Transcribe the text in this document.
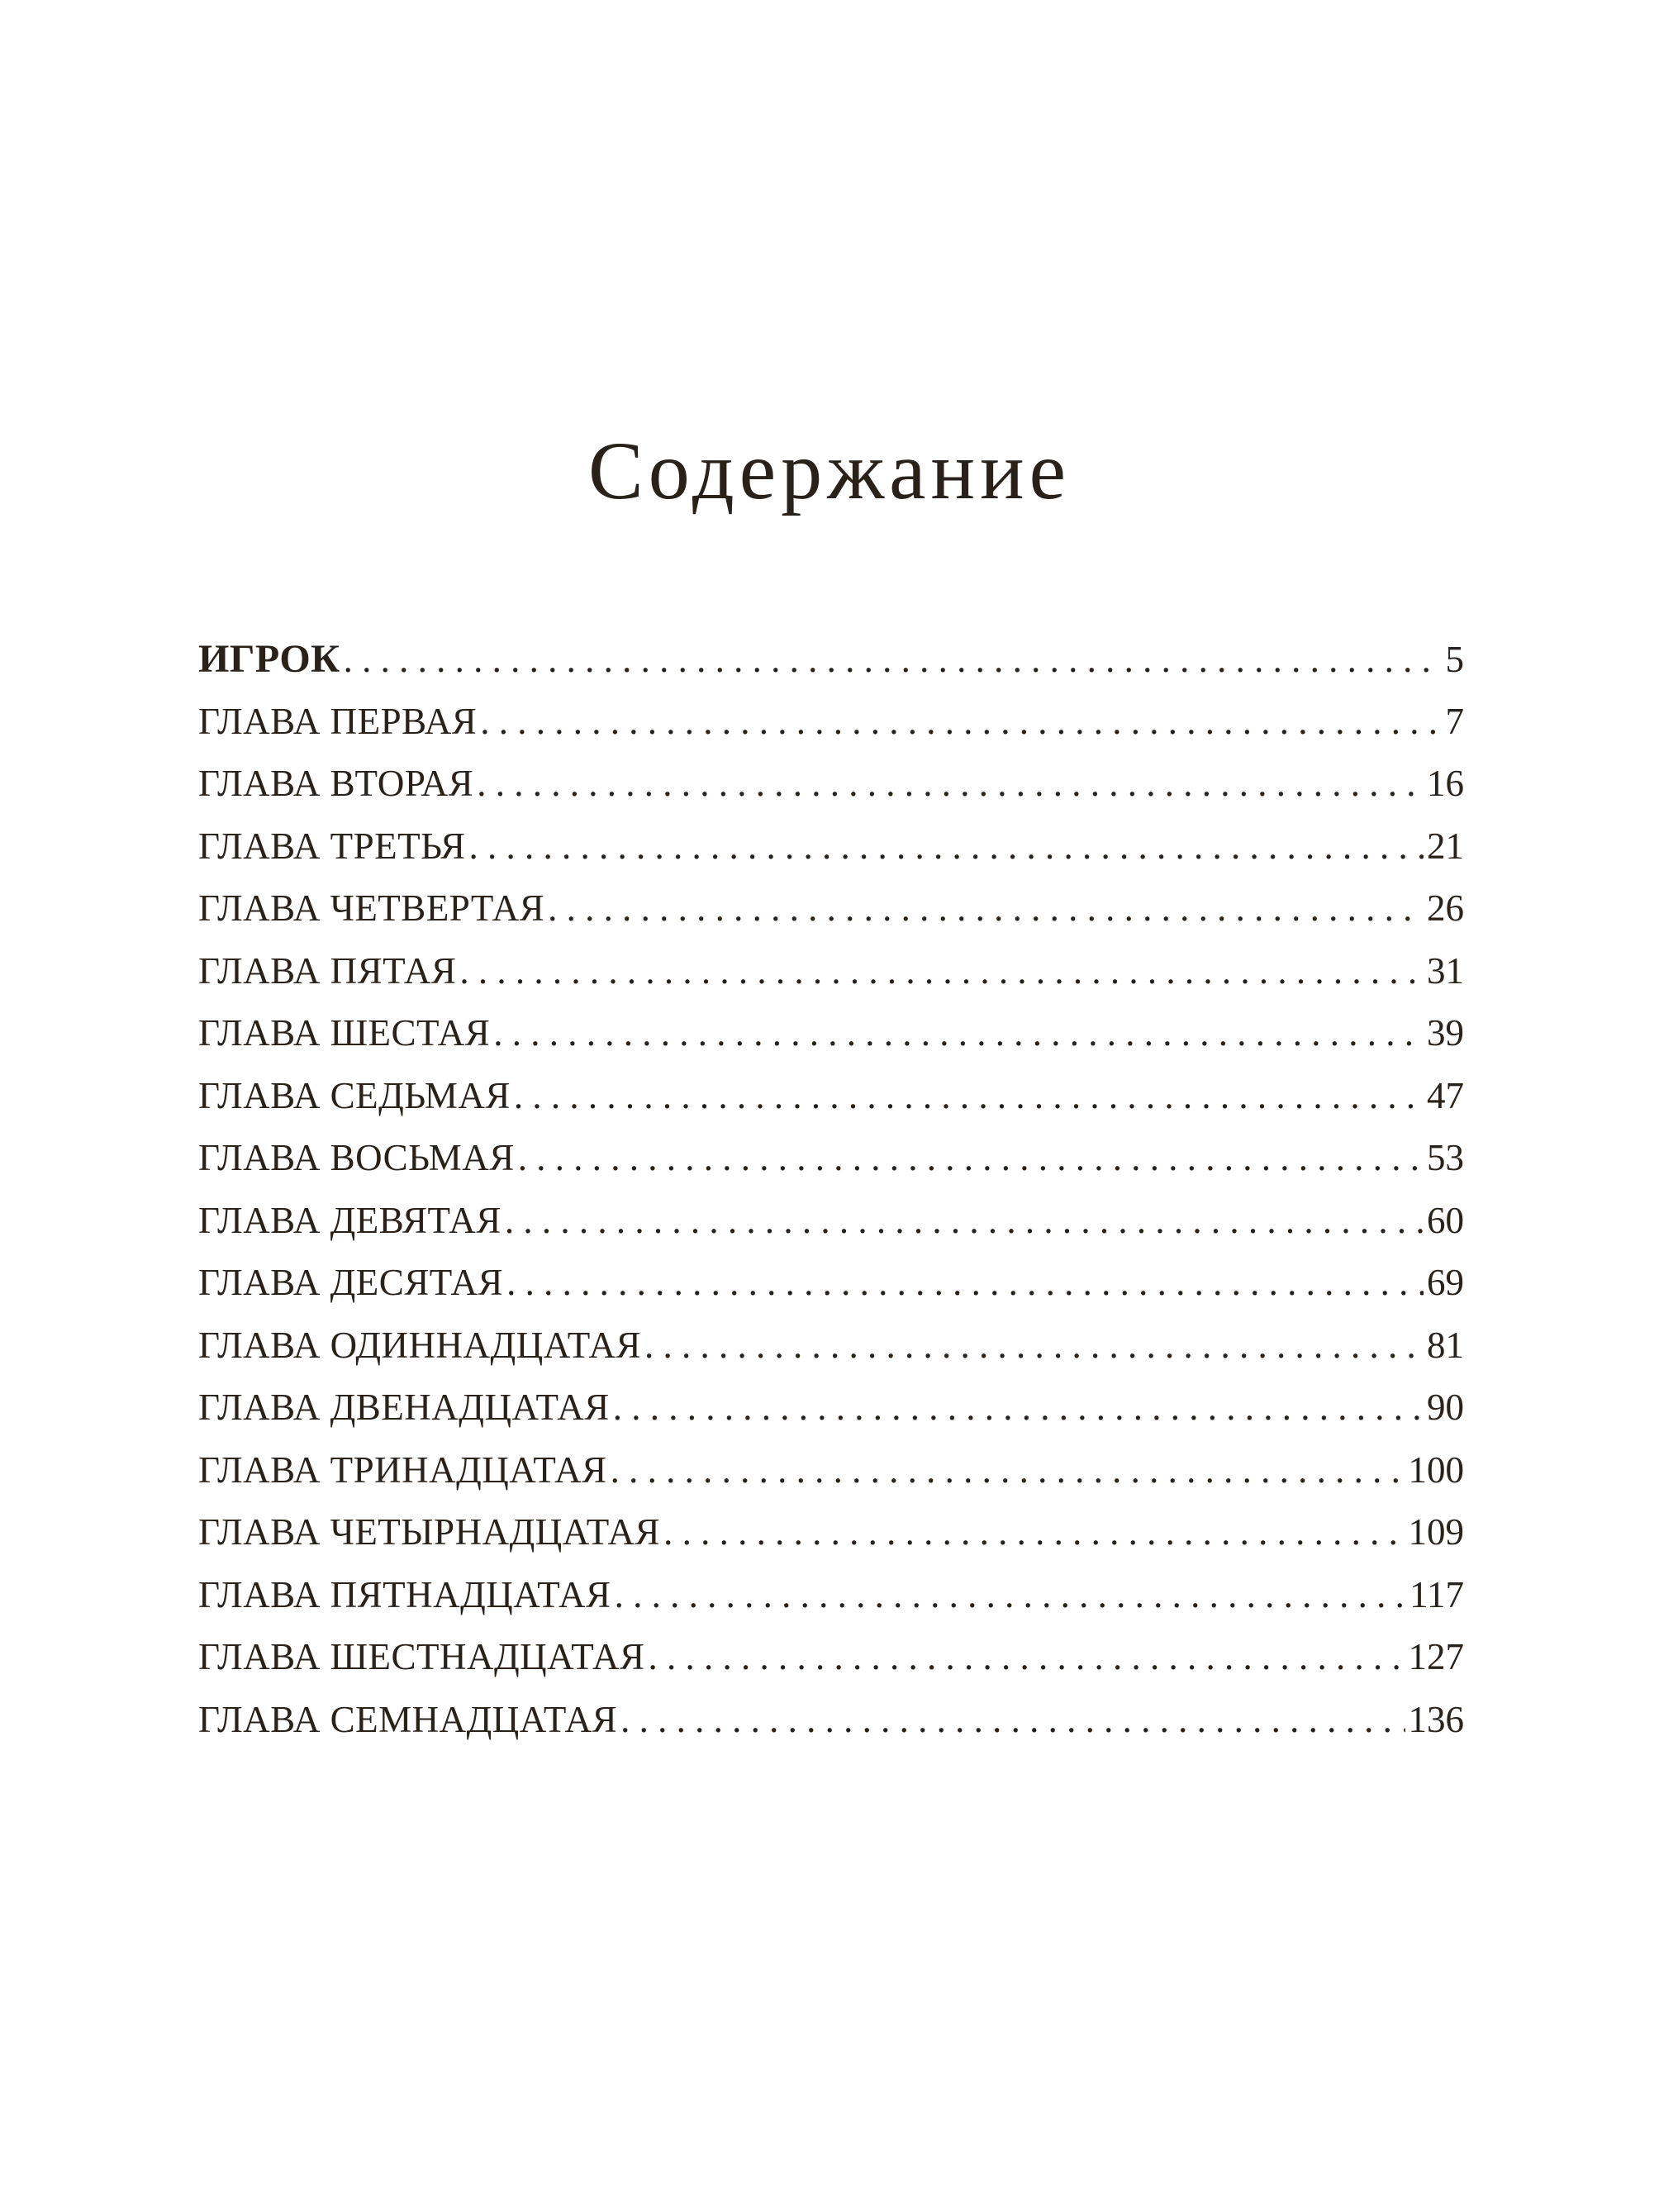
Содержание
ИГРОК . . .	5
ГЛАВА ПЕРВАЯ . . .	7
ГЛАВА ВТОРАЯ . . .	16
ГЛАВА ТРЕТЬЯ . . .	21
ГЛАВА ЧЕТВЕРТАЯ . . .	26
ГЛАВА ПЯТАЯ . . .	31
ГЛАВА ШЕСТАЯ . . .	39
ГЛАВА СЕДЬМАЯ . . .	47
ГЛАВА ВОСЬМАЯ . . .	53
ГЛАВА ДЕВЯТАЯ . . .	60
ГЛАВА ДЕСЯТАЯ . . .	69
ГЛАВА ОДИННАДЦАТАЯ . . .	81
ГЛАВА ДВЕНАДЦАТАЯ . . .	90
ГЛАВА ТРИНАДЦАТАЯ . . .	100
ГЛАВА ЧЕТЫРНАДЦАТАЯ . . .	109
ГЛАВА ПЯТНАДЦАТАЯ . . .	117
ГЛАВА ШЕСТНАДЦАТАЯ . . .	127
ГЛАВА СЕМНАДЦАТАЯ . . .	136
